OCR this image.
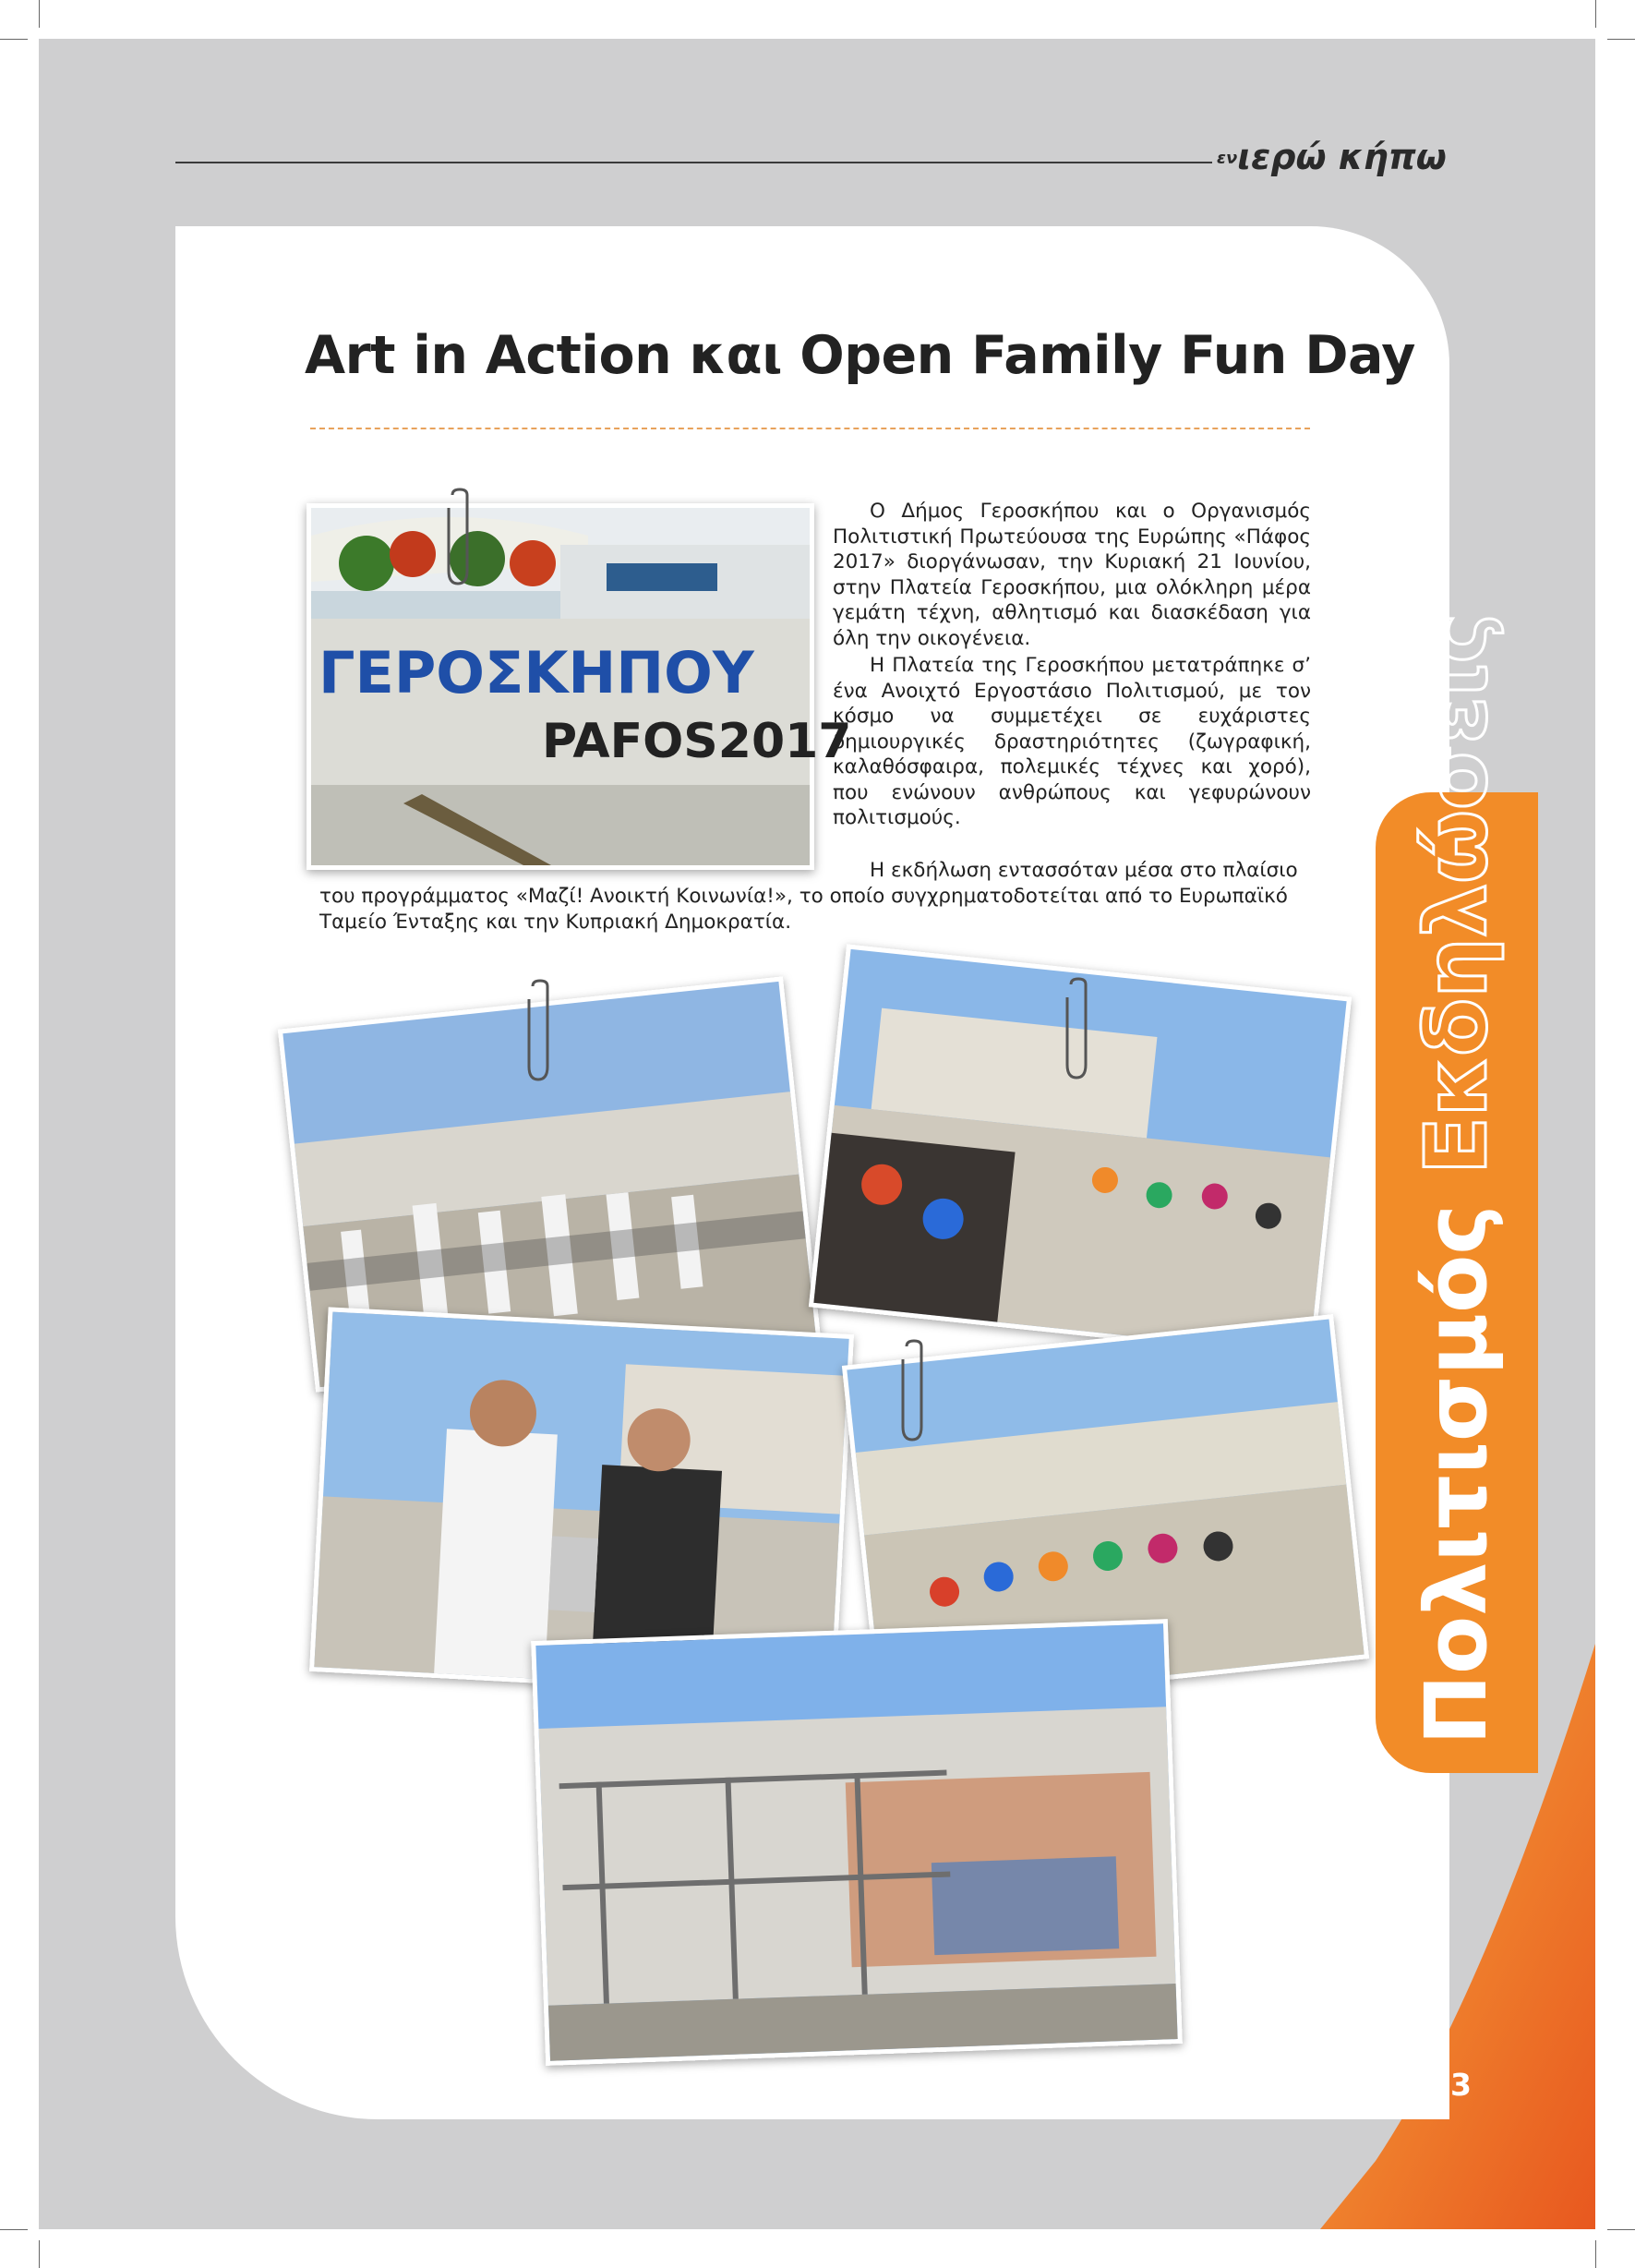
ενιερώ κήπω
Art in Action και Open Family Fun Day

Ο Δήμος Γεροσκήπου και ο Οργανισμός Πολιτιστική Πρωτεύουσα της Ευρώπης «Πάφος 2017» διοργάνωσαν, την Κυριακή 21 Ιουνίου, στην Πλατεία Γεροσκήπου, μια ολόκληρη μέρα γεμάτη τέχνη, αθλητισμό και διασκέδαση για όλη την οικογένεια.

Η Πλατεία της Γεροσκήπου μετατράπηκε σ’ ένα Ανοιχτό Εργοστάσιο Πολιτισμού, με τον κόσμο να συμμετέχει σε ευχάριστες δημιουργικές δραστηριότητες (ζωγραφική, καλαθόσφαιρα, πολεμικές τέχνες και χορό), που ενώνουν ανθρώπους και γεφυρώνουν πολιτισμούς.

Η εκδήλωση εντασσόταν μέσα στο πλαίσιο

του προγράμματος «Μαζί! Ανοικτή Κοινωνία!», το οποίο συγχρηματοδοτείται από το Ευρωπαϊκό Ταμείο Ένταξης και την Κυπριακή Δημοκρατία.

ΓΕΡΟΣΚΗΠΟΥ
PAFOS2017
Πολιτισμός Εκδηλώσεις
13
